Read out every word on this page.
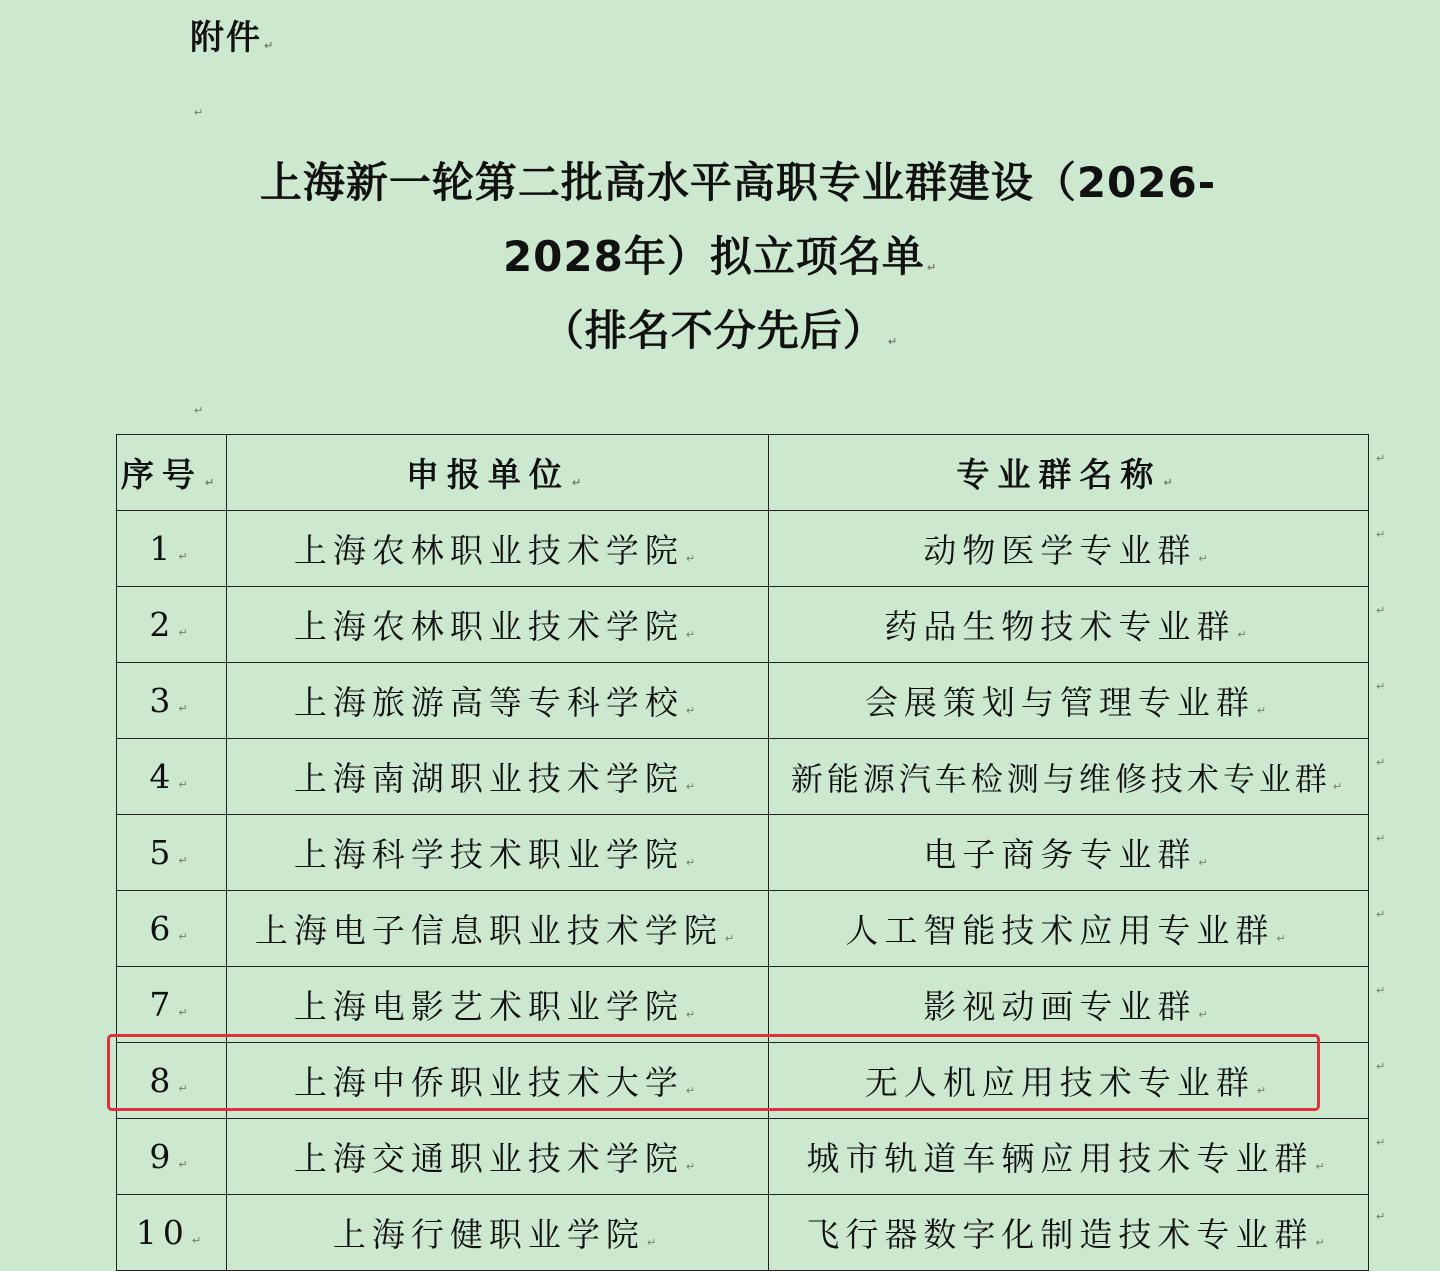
附件 ↵
↵
上海新一轮第二批高水平高职专业群建设（2026-
2028年）拟立项名单 ↵
（排名不分先后） ↵
↵
序号 ↵	申报单位 ↵	专业群名称 ↵
1 ↵	上海农林职业技术学院 ↵	动物医学专业群 ↵
2 ↵	上海农林职业技术学院 ↵	药品生物技术专业群 ↵
3 ↵	上海旅游高等专科学校 ↵	会展策划与管理专业群 ↵
4 ↵	上海南湖职业技术学院 ↵	新能源汽车检测与维修技术专业群 ↵
5 ↵	上海科学技术职业学院 ↵	电子商务专业群 ↵
6 ↵	上海电子信息职业技术学院 ↵	人工智能技术应用专业群 ↵
7 ↵	上海电影艺术职业学院 ↵	影视动画专业群 ↵
8 ↵	上海中侨职业技术大学 ↵	无人机应用技术专业群 ↵
9 ↵	上海交通职业技术学院 ↵	城市轨道车辆应用技术专业群 ↵
10 ↵	上海行健职业学院 ↵	飞行器数字化制造技术专业群 ↵
↵
↵
↵
↵
↵
↵
↵
↵
↵
↵
↵
